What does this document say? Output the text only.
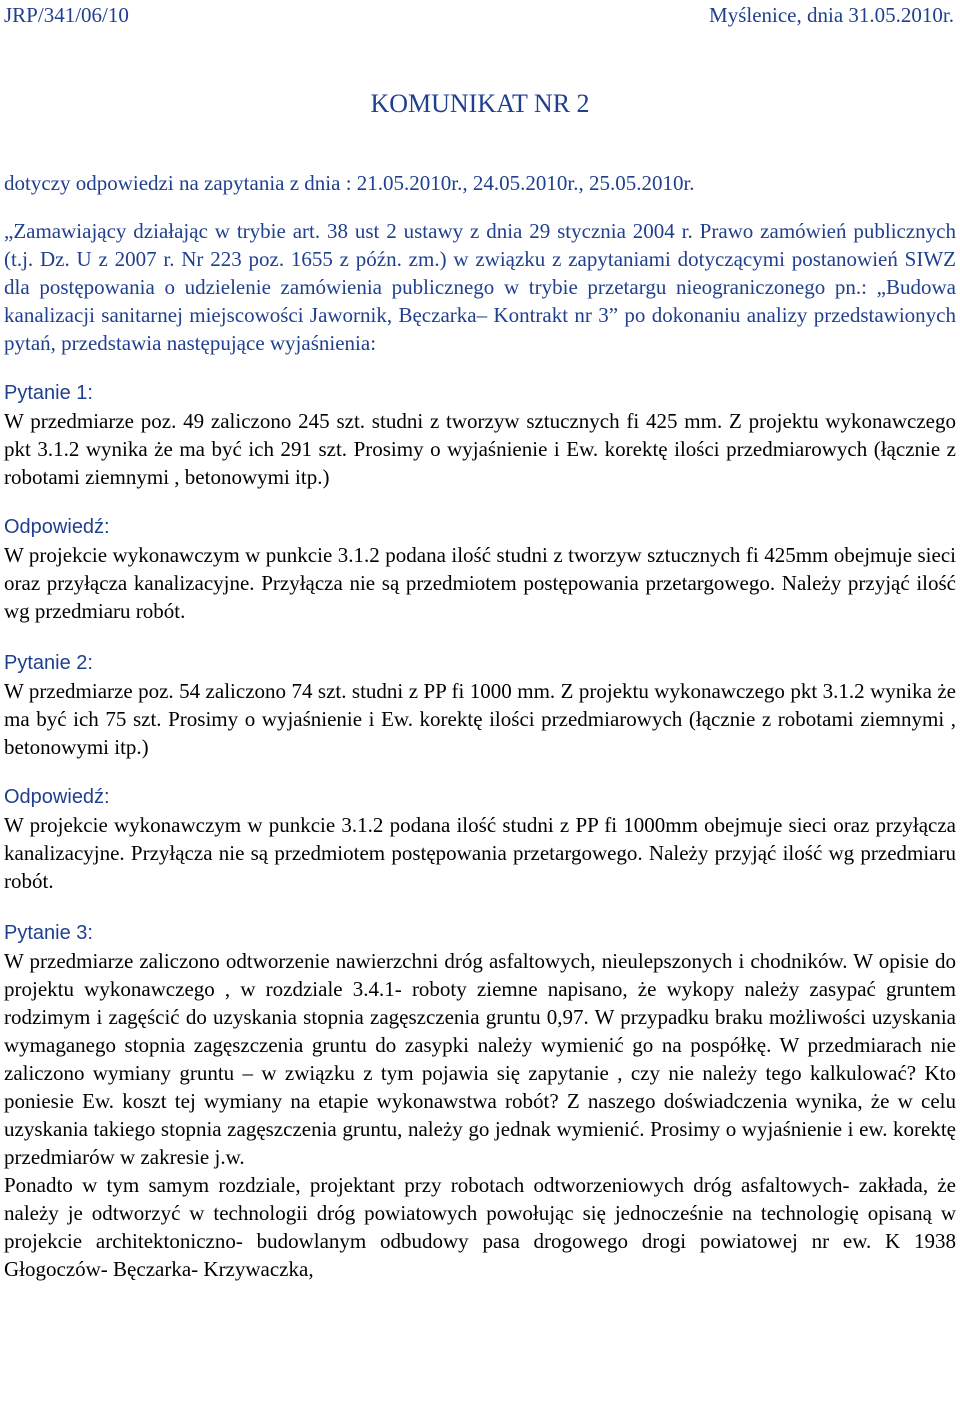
JRP/341/06/10	Myślenice, dnia 31.05.2010r.
KOMUNIKAT NR 2
dotyczy odpowiedzi na zapytania z dnia : 21.05.2010r., 24.05.2010r., 25.05.2010r.
„Zamawiający działając w trybie art. 38 ust 2 ustawy z dnia 29 stycznia 2004 r. Prawo zamówień publicznych (t.j. Dz. U z 2007 r. Nr 223 poz. 1655 z późn. zm.) w związku z zapytaniami dotyczącymi postanowień SIWZ dla postępowania o udzielenie zamówienia publicznego w trybie przetargu nieograniczonego pn.: „Budowa kanalizacji sanitarnej miejscowości Jawornik, Bęczarka– Kontrakt nr 3” po dokonaniu analizy przedstawionych pytań, przedstawia następujące wyjaśnienia:
Pytanie 1:
W przedmiarze poz. 49 zaliczono 245 szt. studni z tworzyw sztucznych fi 425 mm. Z projektu wykonawczego pkt 3.1.2 wynika że ma być ich 291 szt. Prosimy o wyjaśnienie i Ew. korektę ilości przedmiarowych (łącznie z robotami ziemnymi , betonowymi itp.)
Odpowiedź:
W projekcie wykonawczym w punkcie 3.1.2 podana ilość studni z tworzyw sztucznych fi 425mm obejmuje sieci oraz przyłącza kanalizacyjne. Przyłącza nie są przedmiotem postępowania przetargowego. Należy przyjąć ilość wg przedmiaru robót.
Pytanie 2:
W przedmiarze poz. 54 zaliczono 74 szt. studni z PP fi 1000 mm. Z projektu wykonawczego pkt 3.1.2 wynika że ma być ich 75 szt. Prosimy o wyjaśnienie i Ew. korektę ilości przedmiarowych (łącznie z robotami ziemnymi , betonowymi itp.)
Odpowiedź:
W projekcie wykonawczym w punkcie 3.1.2 podana ilość studni z PP fi 1000mm obejmuje sieci oraz przyłącza kanalizacyjne. Przyłącza nie są przedmiotem postępowania przetargowego. Należy przyjąć ilość wg przedmiaru robót.
Pytanie 3:
W przedmiarze zaliczono odtworzenie nawierzchni dróg asfaltowych, nieulepszonych i chodników. W opisie do projektu wykonawczego , w rozdziale 3.4.1- roboty ziemne napisano, że wykopy należy zasypać gruntem rodzimym i zagęścić do uzyskania stopnia zagęszczenia gruntu 0,97. W przypadku braku możliwości uzyskania wymaganego stopnia zagęszczenia gruntu do zasypki należy wymienić go na pospółkę. W przedmiarach nie zaliczono wymiany gruntu – w związku z tym pojawia się zapytanie , czy nie należy tego kalkulować? Kto poniesie Ew. koszt tej wymiany na etapie wykonawstwa robót? Z naszego doświadczenia wynika, że w celu uzyskania takiego stopnia zagęszczenia gruntu, należy go jednak wymienić. Prosimy o wyjaśnienie i ew. korektę przedmiarów w zakresie j.w.
Ponadto w tym samym rozdziale, projektant przy robotach odtworzeniowych dróg asfaltowych- zakłada, że należy je odtworzyć w technologii dróg powiatowych powołując się jednocześnie na technologię opisaną w projekcie architektoniczno- budowlanym odbudowy pasa drogowego drogi powiatowej nr ew. K 1938 Głogoczów- Bęczarka- Krzywaczka,
